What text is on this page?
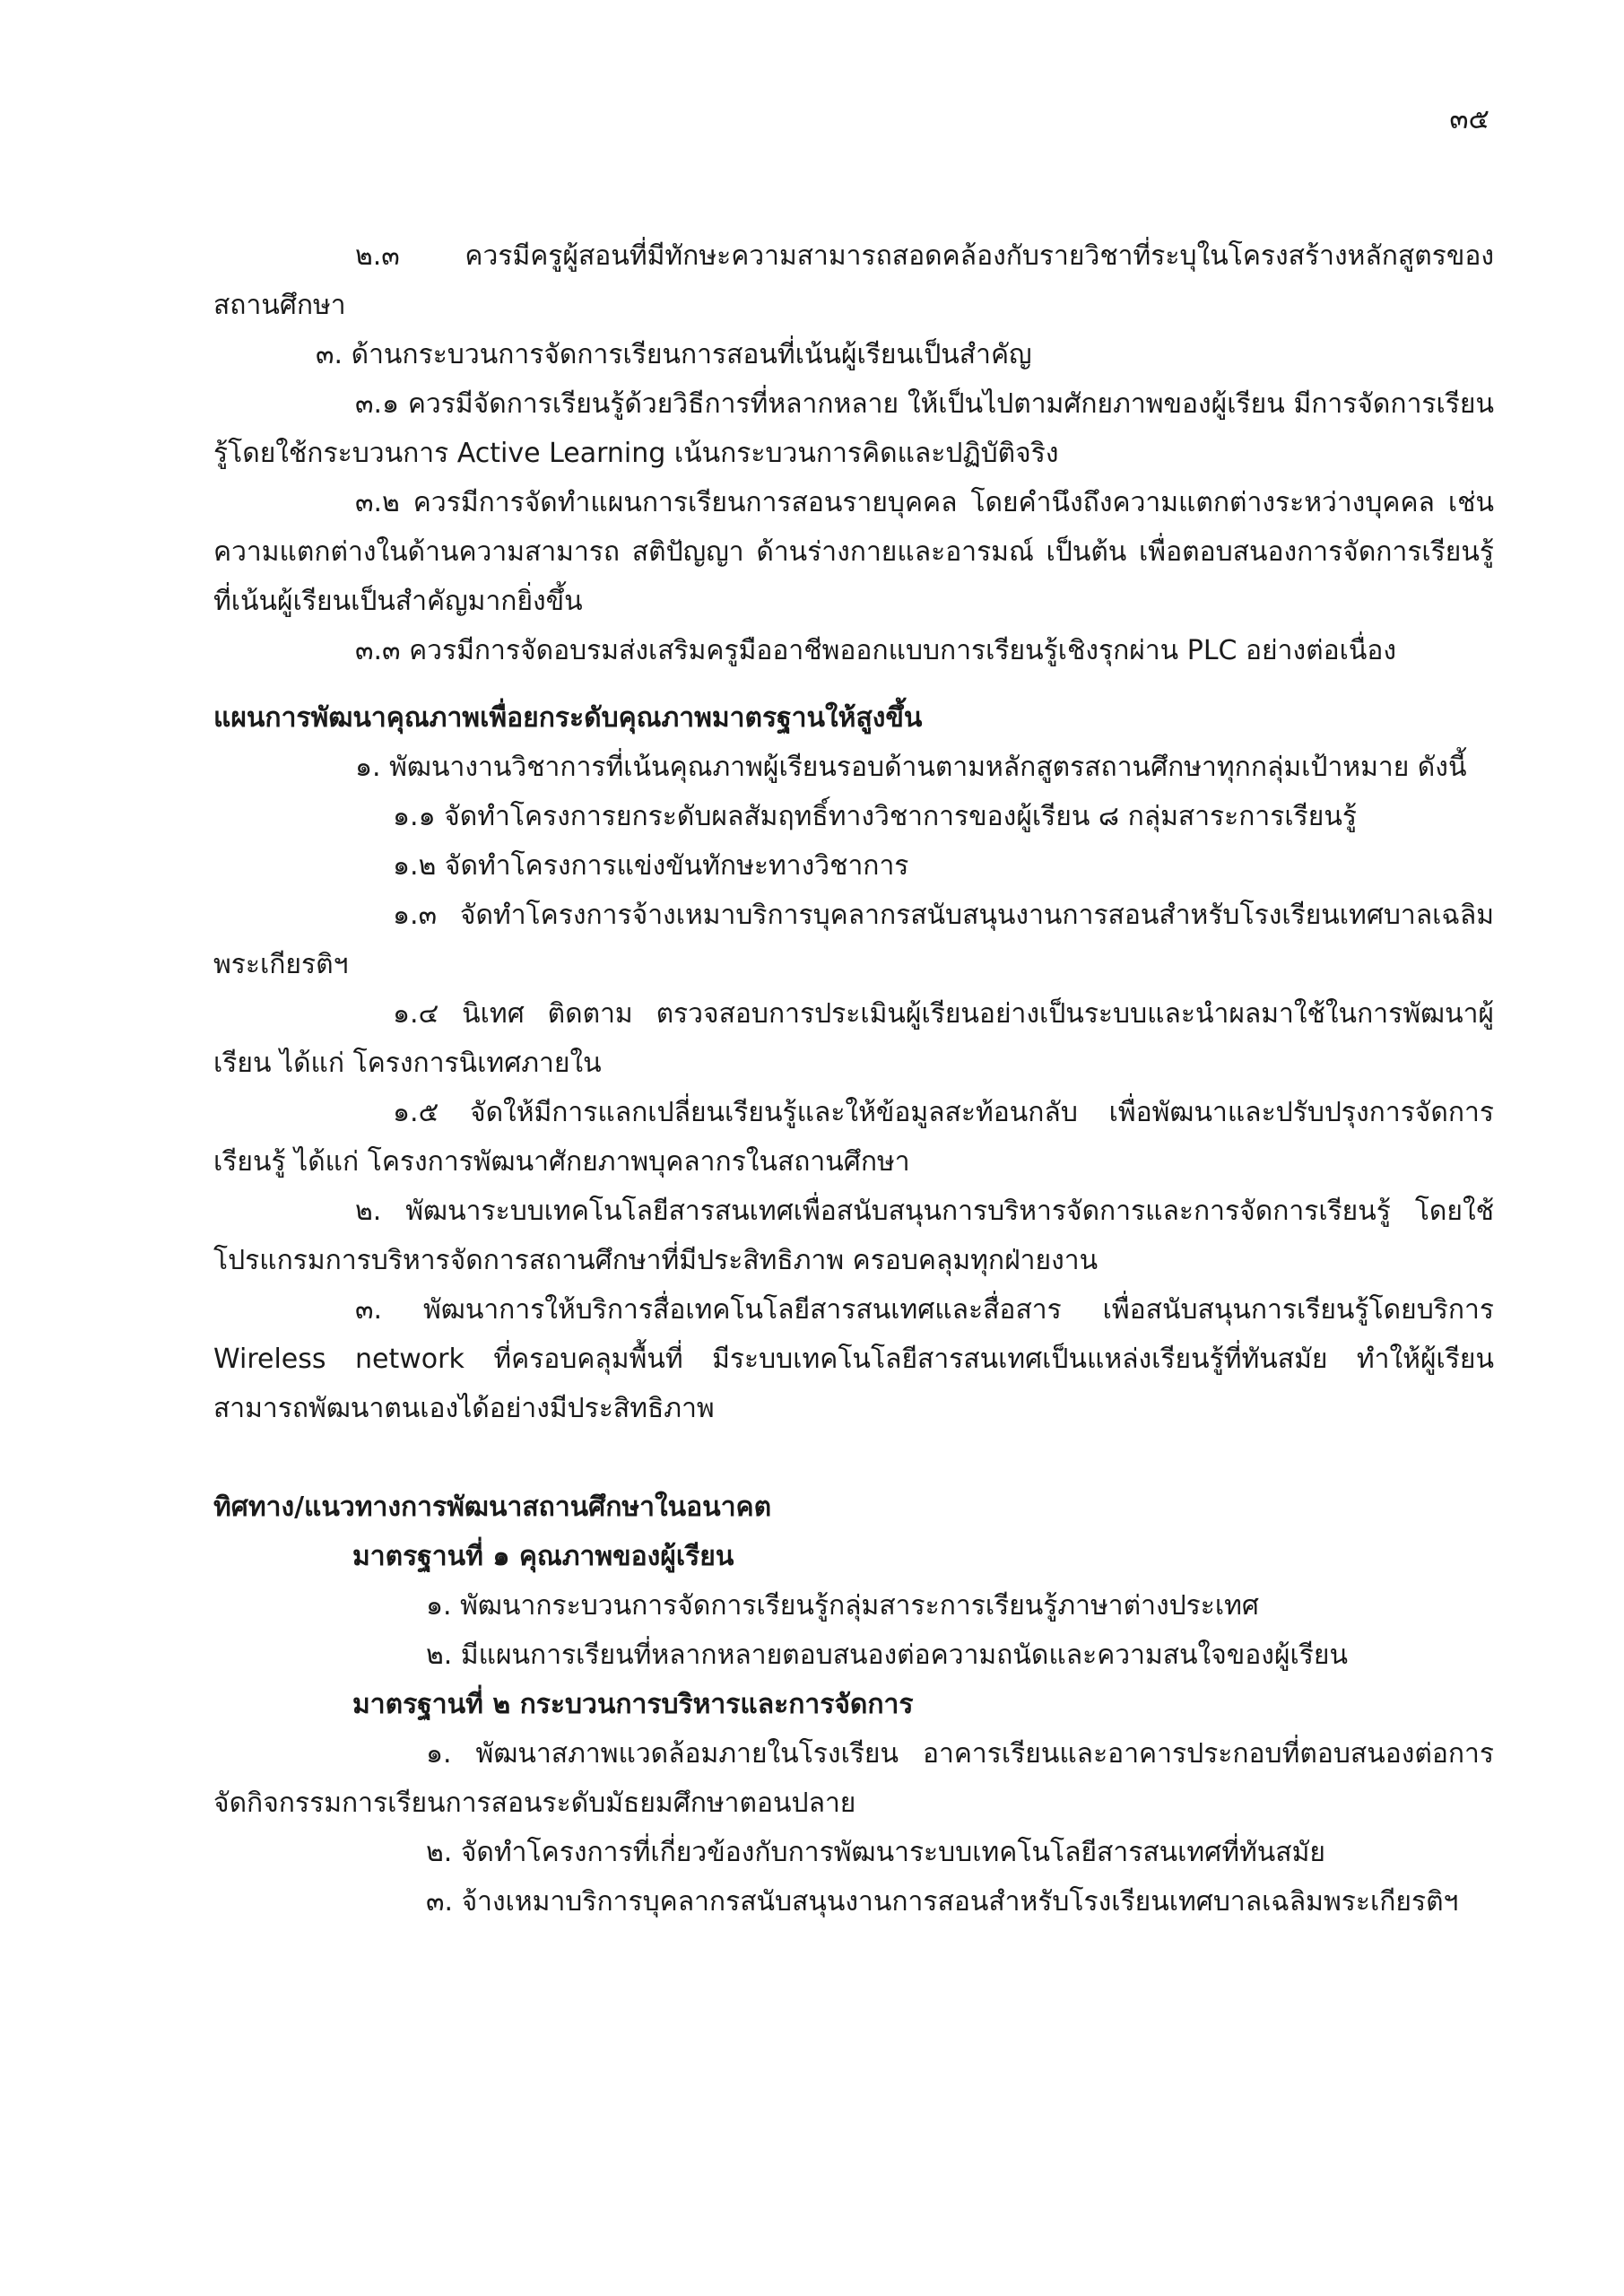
๓๕

๒.๓ ควรมีครูผู้สอนที่มีทักษะความสามารถสอดคล้องกับรายวิชาที่ระบุในโครงสร้างหลักสูตรของสถานศึกษา

๓. ด้านกระบวนการจัดการเรียนการสอนที่เน้นผู้เรียนเป็นสำคัญ

๓.๑ ควรมีจัดการเรียนรู้ด้วยวิธีการที่หลากหลาย ให้เป็นไปตามศักยภาพของผู้เรียน มีการจัดการเรียนรู้โดยใช้กระบวนการ Active Learning เน้นกระบวนการคิดและปฏิบัติจริง

๓.๒ ควรมีการจัดทำแผนการเรียนการสอนรายบุคคล โดยคำนึงถึงความแตกต่างระหว่างบุคคล เช่น ความแตกต่างในด้านความสามารถ สติปัญญา ด้านร่างกายและอารมณ์ เป็นต้น เพื่อตอบสนองการจัดการเรียนรู้ที่เน้นผู้เรียนเป็นสำคัญมากยิ่งขึ้น

๓.๓ ควรมีการจัดอบรมส่งเสริมครูมืออาชีพออกแบบการเรียนรู้เชิงรุกผ่าน PLC อย่างต่อเนื่อง

แผนการพัฒนาคุณภาพเพื่อยกระดับคุณภาพมาตรฐานให้สูงขึ้น

๑. พัฒนางานวิชาการที่เน้นคุณภาพผู้เรียนรอบด้านตามหลักสูตรสถานศึกษาทุกกลุ่มเป้าหมาย ดังนี้

๑.๑ จัดทำโครงการยกระดับผลสัมฤทธิ์ทางวิชาการของผู้เรียน ๘ กลุ่มสาระการเรียนรู้

๑.๒ จัดทำโครงการแข่งขันทักษะทางวิชาการ

๑.๓ จัดทำโครงการจ้างเหมาบริการบุคลากรสนับสนุนงานการสอนสำหรับโรงเรียนเทศบาลเฉลิมพระเกียรติฯ

๑.๔ นิเทศ ติดตาม ตรวจสอบการประเมินผู้เรียนอย่างเป็นระบบและนำผลมาใช้ในการพัฒนาผู้เรียน ได้แก่ โครงการนิเทศภายใน

๑.๕ จัดให้มีการแลกเปลี่ยนเรียนรู้และให้ข้อมูลสะท้อนกลับ เพื่อพัฒนาและปรับปรุงการจัดการเรียนรู้ ได้แก่ โครงการพัฒนาศักยภาพบุคลากรในสถานศึกษา

๒. พัฒนาระบบเทคโนโลยีสารสนเทศเพื่อสนับสนุนการบริหารจัดการและการจัดการเรียนรู้ โดยใช้โปรแกรมการบริหารจัดการสถานศึกษาที่มีประสิทธิภาพ ครอบคลุมทุกฝ่ายงาน

๓. พัฒนาการให้บริการสื่อเทคโนโลยีสารสนเทศและสื่อสาร เพื่อสนับสนุนการเรียนรู้โดยบริการ Wireless network ที่ครอบคลุมพื้นที่ มีระบบเทคโนโลยีสารสนเทศเป็นแหล่งเรียนรู้ที่ทันสมัย ทำให้ผู้เรียนสามารถพัฒนาตนเองได้อย่างมีประสิทธิภาพ

ทิศทาง/แนวทางการพัฒนาสถานศึกษาในอนาคต

มาตรฐานที่ ๑ คุณภาพของผู้เรียน

๑. พัฒนากระบวนการจัดการเรียนรู้กลุ่มสาระการเรียนรู้ภาษาต่างประเทศ

๒. มีแผนการเรียนที่หลากหลายตอบสนองต่อความถนัดและความสนใจของผู้เรียน

มาตรฐานที่ ๒ กระบวนการบริหารและการจัดการ

๑. พัฒนาสภาพแวดล้อมภายในโรงเรียน อาคารเรียนและอาคารประกอบที่ตอบสนองต่อการจัดกิจกรรมการเรียนการสอนระดับมัธยมศึกษาตอนปลาย

๒. จัดทำโครงการที่เกี่ยวข้องกับการพัฒนาระบบเทคโนโลยีสารสนเทศที่ทันสมัย

๓. จ้างเหมาบริการบุคลากรสนับสนุนงานการสอนสำหรับโรงเรียนเทศบาลเฉลิมพระเกียรติฯ
